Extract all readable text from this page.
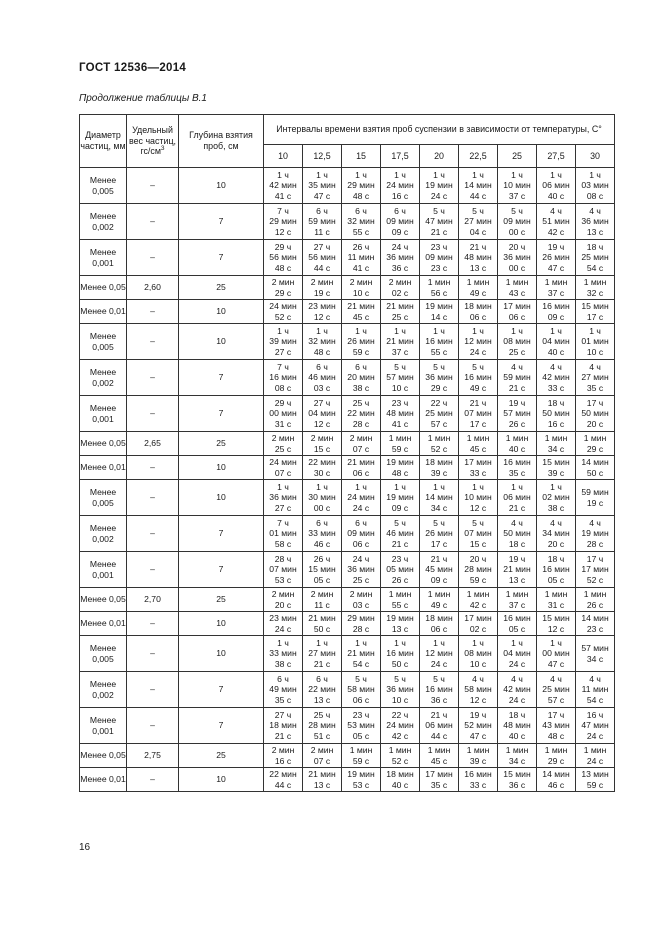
ГОСТ 12536—2014
Продолжение таблицы В.1
Диаметр частиц, мм	Удельный вес частиц, $гс/см^3$	Глубина взятия проб, см	Интервалы времени взятия проб суспензии в зависимости от температуры, С°								
			10	12,5	15	17,5	20	22,5	25	27,5	30
Менее 0,005	–	10	1 ч
42 мин
41 с	1 ч
35 мин
47 с	1 ч
29 мин
48 с	1 ч
24 мин
16 с	1 ч
19 мин
24 с	1 ч
14 мин
44 с	1 ч
10 мин
37 с	1 ч
06 мин
40 с	1 ч
03 мин
08 с
Менее 0,002	–	7	7 ч
29 мин
12 с	6 ч
59 мин
11 с	6 ч
32 мин
55 с	6 ч
09 мин
09 с	5 ч
47 мин
21 с	5 ч
27 мин
04 с	5 ч
09 мин
00 с	4 ч
51 мин
42 с	4 ч
36 мин
13 с
Менее 0,001	–	7	29 ч
56 мин
48 с	27 ч
56 мин
44 с	26 ч
11 мин
41 с	24 ч
36 мин
36 с	23 ч
09 мин
23 с	21 ч
48 мин
13 с	20 ч
36 мин
00 с	19 ч
26 мин
47 с	18 ч
25 мин
54 с
Менее 0,05	2,60	25	2 мин
29 с	2 мин
19 с	2 мин
10 с	2 мин
02 с	1 мин
56 с	1 мин
49 с	1 мин
43 с	1 мин
37 с	1 мин
32 с
Менее 0,01	–	10	24 мин
52 с	23 мин
12 с	21 мин
45 с	21 мин
25 с	19 мин
14 с	18 мин
06 с	17 мин
06 с	16 мин
09 с	15 мин
17 с
Менее 0,005	–	10	1 ч
39 мин
27 с	1 ч
32 мин
48 с	1 ч
26 мин
59 с	1 ч
21 мин
37 с	1 ч
16 мин
55 с	1 ч
12 мин
24 с	1 ч
08 мин
25 с	1 ч
04 мин
40 с	1 ч
01 мин
10 с
Менее 0,002	–	7	7 ч
16 мин
08 с	6 ч
46 мин
03 с	6 ч
20 мин
38 с	5 ч
57 мин
10 с	5 ч
36 мин
29 с	5 ч
16 мин
49 с	4 ч
59 мин
21 с	4 ч
42 мин
33 с	4 ч
27 мин
35 с
Менее 0,001	–	7	29 ч
00 мин
31 с	27 ч
04 мин
12 с	25 ч
22 мин
28 с	23 ч
48 мин
41 с	22 ч
25 мин
57 с	21 ч
07 мин
17 с	19 ч
57 мин
26 с	18 ч
50 мин
16 с	17 ч
50 мин
20 с
Менее 0,05	2,65	25	2 мин
25 с	2 мин
15 с	2 мин
07 с	1 мин
59 с	1 мин
52 с	1 мин
45 с	1 мин
40 с	1 мин
34 с	1 мин
29 с
Менее 0,01	–	10	24 мин
07 с	22 мин
30 с	21 мин
06 с	19 мин
48 с	18 мин
39 с	17 мин
33 с	16 мин
35 с	15 мин
39 с	14 мин
50 с
Менее 0,005	–	10	1 ч
36 мин
27 с	1 ч
30 мин
00 с	1 ч
24 мин
24 с	1 ч
19 мин
09 с	1 ч
14 мин
34 с	1 ч
10 мин
12 с	1 ч
06 мин
21 с	1 ч
02 мин
38 с	59 мин
19 с
Менее 0,002	–	7	7 ч
01 мин
58 с	6 ч
33 мин
46 с	6 ч
09 мин
06 с	5 ч
46 мин
21 с	5 ч
26 мин
17 с	5 ч
07 мин
15 с	4 ч
50 мин
18 с	4 ч
34 мин
20 с	4 ч
19 мин
28 с
Менее 0,001	–	7	28 ч
07 мин
53 с	26 ч
15 мин
05 с	24 ч
36 мин
25 с	23 ч
05 мин
26 с	21 ч
45 мин
09 с	20 ч
28 мин
59 с	19 ч
21 мин
13 с	18 ч
16 мин
05 с	17 ч
17 мин
52 с
Менее 0,05	2,70	25	2 мин
20 с	2 мин
11 с	2 мин
03 с	1 мин
55 с	1 мин
49 с	1 мин
42 с	1 мин
37 с	1 мин
31 с	1 мин
26 с
Менее 0,01	–	10	23 мин
24 с	21 мин
50 с	29 мин
28 с	19 мин
13 с	18 мин
06 с	17 мин
02 с	16 мин
05 с	15 мин
12 с	14 мин
23 с
Менее 0,005	–	10	1 ч
33 мин
38 с	1 ч
27 мин
21 с	1 ч
21 мин
54 с	1 ч
16 мин
50 с	1 ч
12 мин
24 с	1 ч
08 мин
10 с	1 ч
04 мин
24 с	1 ч
00 мин
47 с	57 мин
34 с
Менее 0,002	–	7	6 ч
49 мин
35 с	6 ч
22 мин
13 с	5 ч
58 мин
06 с	5 ч
36 мин
10 с	5 ч
16 мин
36 с	4 ч
58 мин
12 с	4 ч
42 мин
24 с	4 ч
25 мин
57 с	4 ч
11 мин
54 с
Менее 0,001	–	7	27 ч
18 мин
21 с	25 ч
28 мин
51 с	23 ч
53 мин
05 с	22 ч
24 мин
42 с	21 ч
06 мин
44 с	19 ч
52 мин
47 с	18 ч
48 мин
40 с	17 ч
43 мин
48 с	16 ч
47 мин
24 с
Менее 0,05	2,75	25	2 мин
16 с	2 мин
07 с	1 мин
59 с	1 мин
52 с	1 мин
45 с	1 мин
39 с	1 мин
34 с	1 мин
29 с	1 мин
24 с
Менее 0,01	–	10	22 мин
44 с	21 мин
13 с	19 мин
53 с	18 мин
40 с	17 мин
35 с	16 мин
33 с	15 мин
36 с	14 мин
46 с	13 мин
59 с
16
